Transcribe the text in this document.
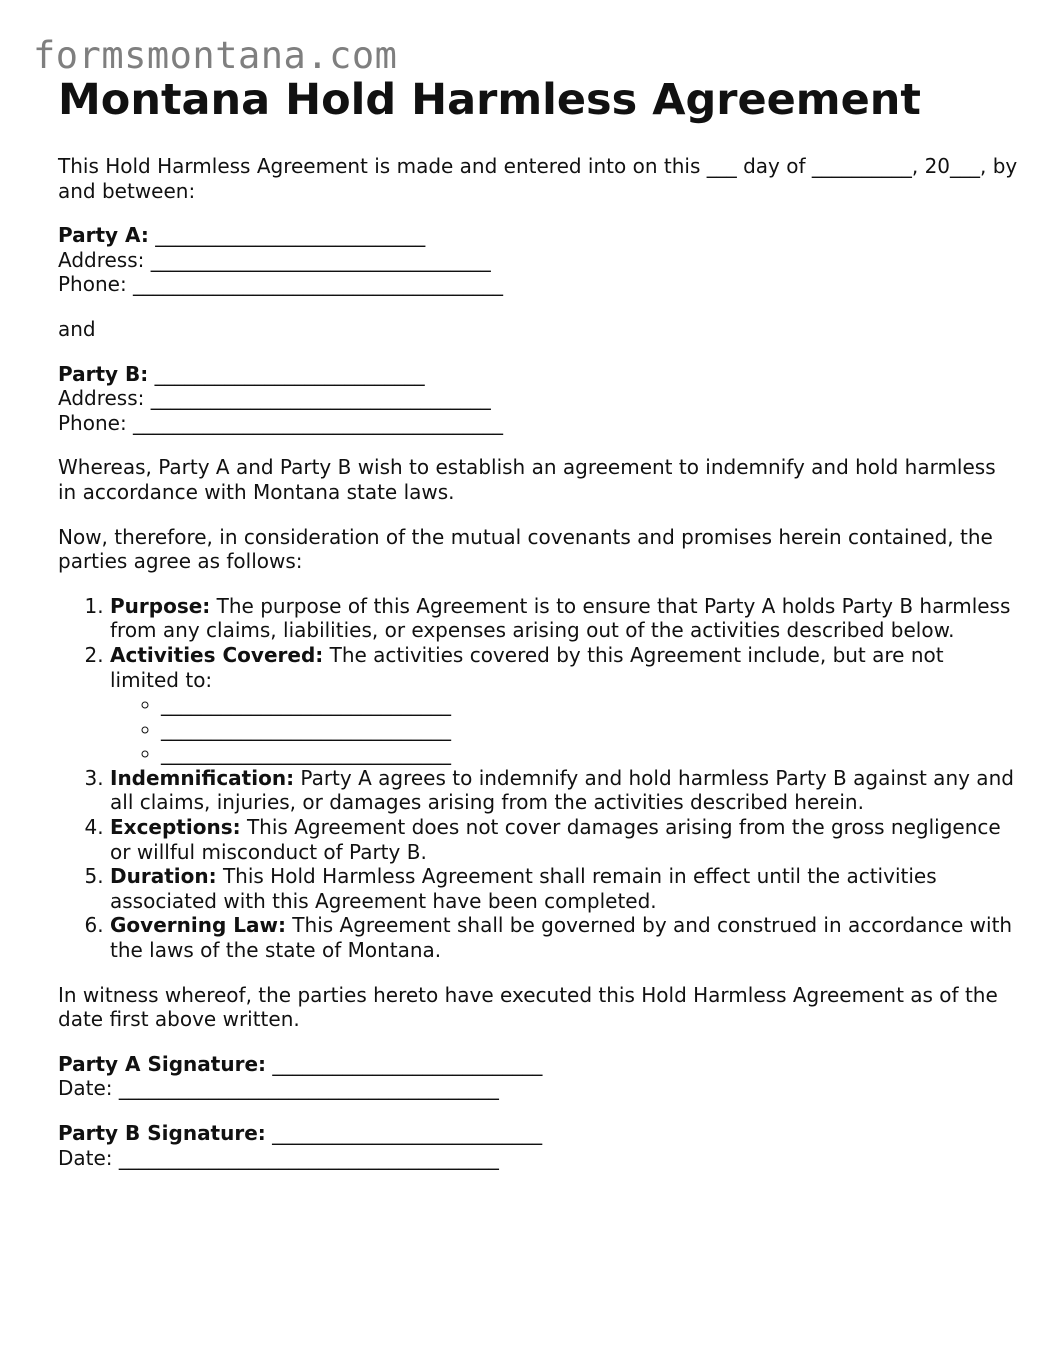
formsmontana.com
Montana Hold Harmless Agreement

This Hold Harmless Agreement is made and entered into on this ___ day of __________, 20___, by and between:

Party A: ___________________________
Address: __________________________________
Phone: _____________________________________

and

Party B: ___________________________
Address: __________________________________
Phone: _____________________________________

Whereas, Party A and Party B wish to establish an agreement to indemnify and hold harmless in accordance with Montana state laws.

Now, therefore, in consideration of the mutual covenants and promises herein contained, the parties agree as follows:

1. Purpose: The purpose of this Agreement is to ensure that Party A holds Party B harmless from any claims, liabilities, or expenses arising out of the activities described below.
2. Activities Covered: The activities covered by this Agreement include, but are not limited to:
◦ _____________________________
◦ _____________________________
◦ _____________________________
3. Indemnification: Party A agrees to indemnify and hold harmless Party B against any and all claims, injuries, or damages arising from the activities described herein.
4. Exceptions: This Agreement does not cover damages arising from the gross negligence or willful misconduct of Party B.
5. Duration: This Hold Harmless Agreement shall remain in effect until the activities associated with this Agreement have been completed.
6. Governing Law: This Agreement shall be governed by and construed in accordance with the laws of the state of Montana.

In witness whereof, the parties hereto have executed this Hold Harmless Agreement as of the date first above written.

Party A Signature: ___________________________
Date: ______________________________________
Party B Signature: ___________________________
Date: ______________________________________
